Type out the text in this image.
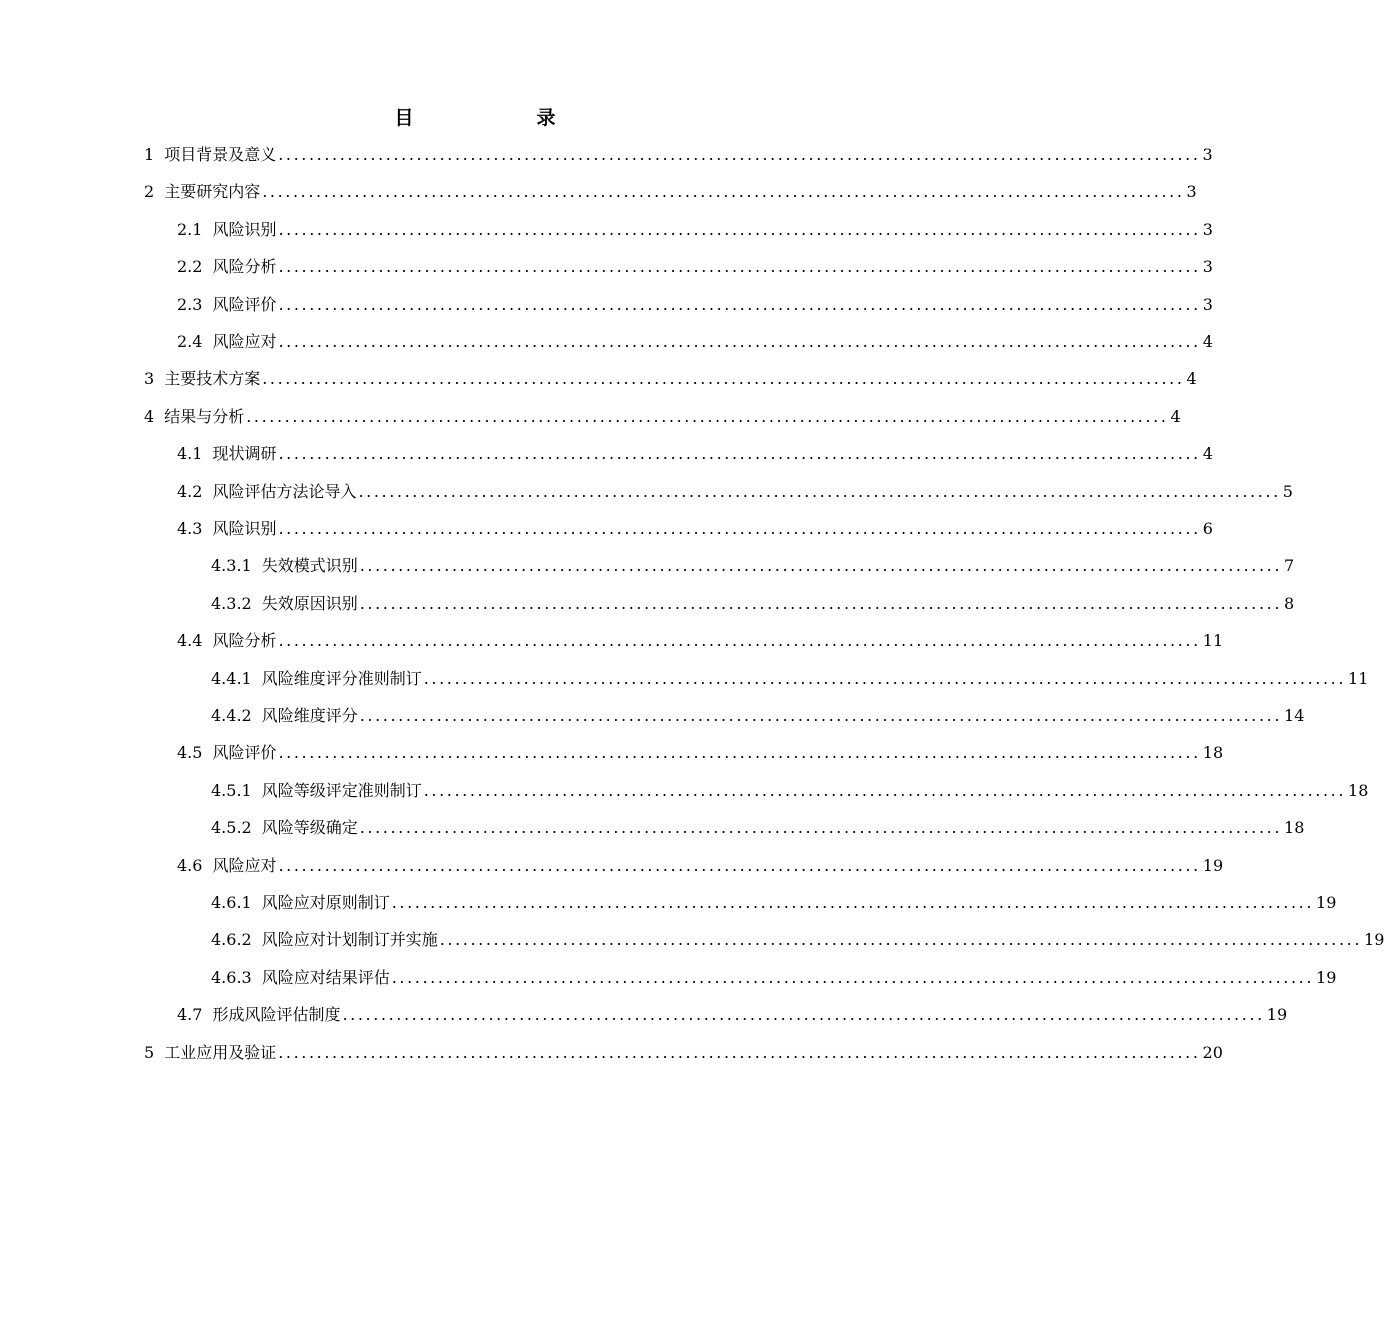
目　录
1 项目背景及意义 ........................................................................................................................ 3
2 主要研究内容 ........................................................................................................................ 3
2.1 风险识别 ........................................................................................................................ 3
2.2 风险分析 ........................................................................................................................ 3
2.3 风险评价 ........................................................................................................................ 3
2.4 风险应对 ........................................................................................................................ 4
3 主要技术方案 ........................................................................................................................ 4
4 结果与分析 ........................................................................................................................ 4
4.1 现状调研 ........................................................................................................................ 4
4.2 风险评估方法论导入 ........................................................................................................................ 5
4.3 风险识别 ........................................................................................................................ 6
4.3.1 失效模式识别 ........................................................................................................................ 7
4.3.2 失效原因识别 ........................................................................................................................ 8
4.4 风险分析 ........................................................................................................................ 11
4.4.1 风险维度评分准则制订 ........................................................................................................................ 11
4.4.2 风险维度评分 ........................................................................................................................ 14
4.5 风险评价 ........................................................................................................................ 18
4.5.1 风险等级评定准则制订 ........................................................................................................................ 18
4.5.2 风险等级确定 ........................................................................................................................ 18
4.6 风险应对 ........................................................................................................................ 19
4.6.1 风险应对原则制订 ........................................................................................................................ 19
4.6.2 风险应对计划制订并实施 ........................................................................................................................ 19
4.6.3 风险应对结果评估 ........................................................................................................................ 19
4.7 形成风险评估制度 ........................................................................................................................ 19
5 工业应用及验证 ........................................................................................................................ 20
